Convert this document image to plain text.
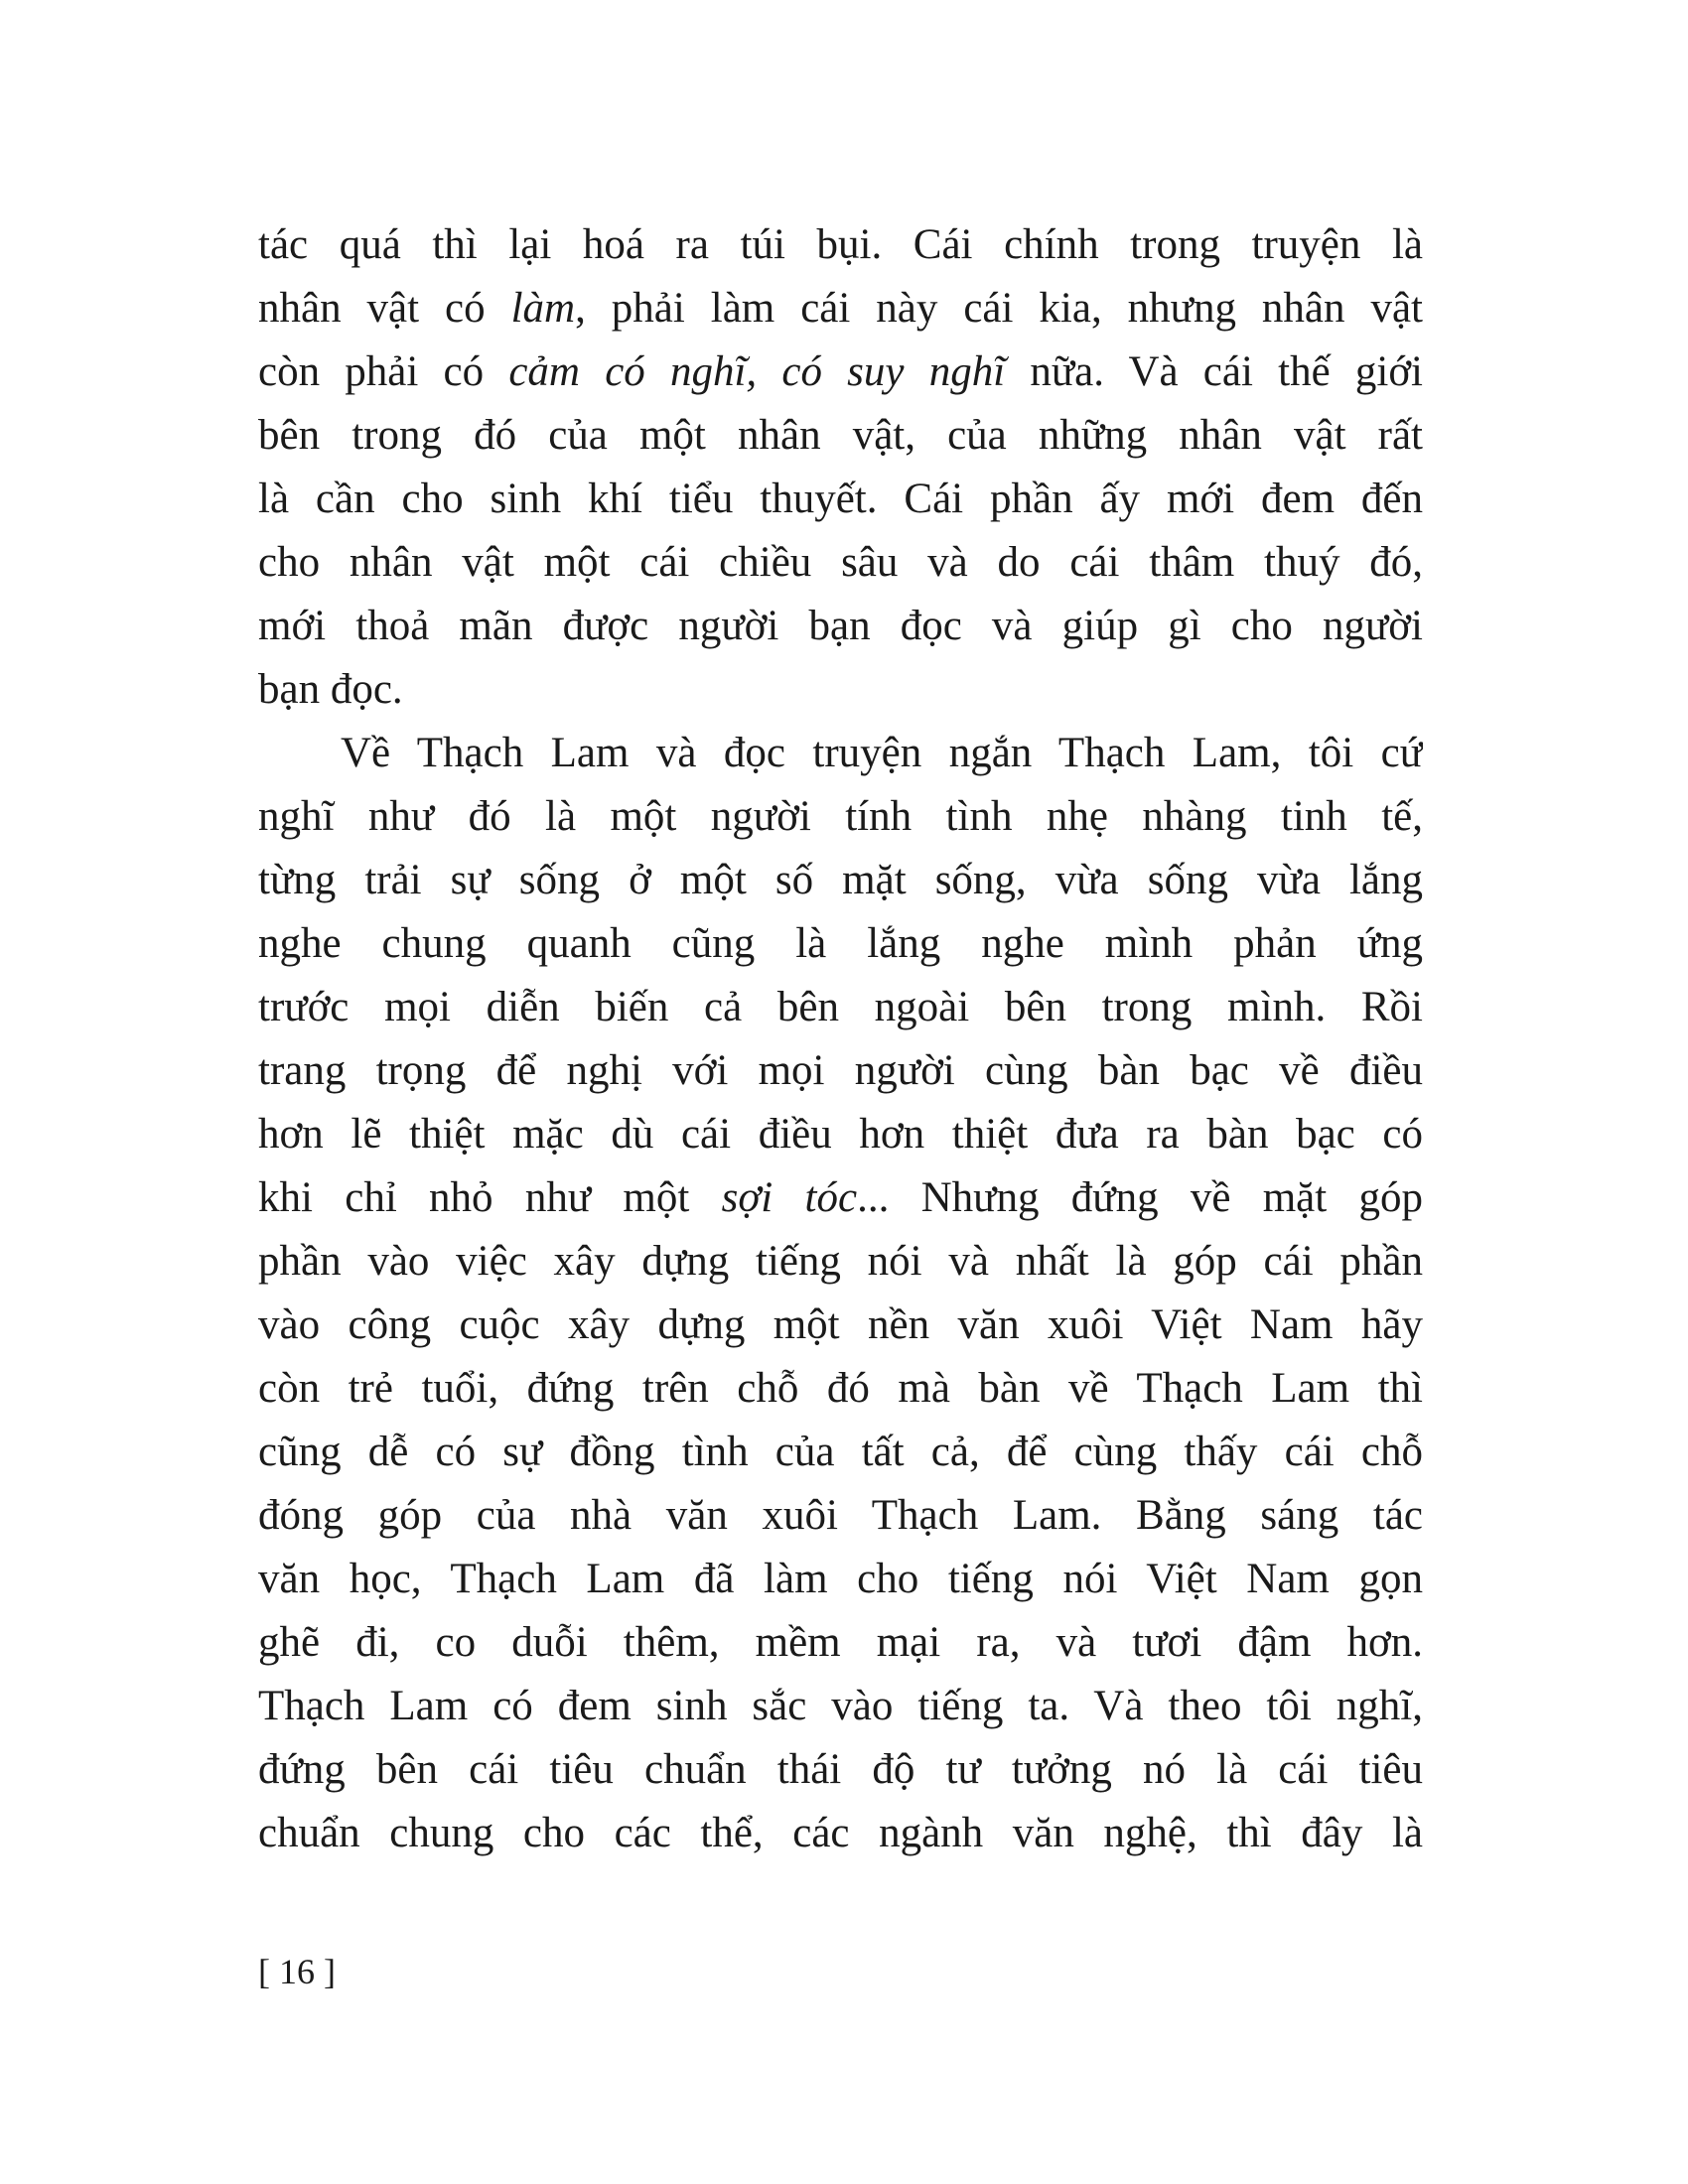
tác quá thì lại hoá ra túi bụi. Cái chính trong truyện là
nhân vật có làm, phải làm cái này cái kia, nhưng nhân vật
còn phải có cảm có nghĩ, có suy nghĩ nữa. Và cái thế giới
bên trong đó của một nhân vật, của những nhân vật rất
là cần cho sinh khí tiểu thuyết. Cái phần ấy mới đem đến
cho nhân vật một cái chiều sâu và do cái thâm thuý đó,
mới thoả mãn được người bạn đọc và giúp gì cho người
bạn đọc.
Về Thạch Lam và đọc truyện ngắn Thạch Lam, tôi cứ
nghĩ như đó là một người tính tình nhẹ nhàng tinh tế,
từng trải sự sống ở một số mặt sống, vừa sống vừa lắng
nghe chung quanh cũng là lắng nghe mình phản ứng
trước mọi diễn biến cả bên ngoài bên trong mình. Rồi
trang trọng để nghị với mọi người cùng bàn bạc về điều
hơn lẽ thiệt mặc dù cái điều hơn thiệt đưa ra bàn bạc có
khi chỉ nhỏ như một sợi tóc... Nhưng đứng về mặt góp
phần vào việc xây dựng tiếng nói và nhất là góp cái phần
vào công cuộc xây dựng một nền văn xuôi Việt Nam hãy
còn trẻ tuổi, đứng trên chỗ đó mà bàn về Thạch Lam thì
cũng dễ có sự đồng tình của tất cả, để cùng thấy cái chỗ
đóng góp của nhà văn xuôi Thạch Lam. Bằng sáng tác
văn học, Thạch Lam đã làm cho tiếng nói Việt Nam gọn
ghẽ đi, co duỗi thêm, mềm mại ra, và tươi đậm hơn.
Thạch Lam có đem sinh sắc vào tiếng ta. Và theo tôi nghĩ,
đứng bên cái tiêu chuẩn thái độ tư tưởng nó là cái tiêu
chuẩn chung cho các thể, các ngành văn nghệ, thì đây là
[ 16 ]
